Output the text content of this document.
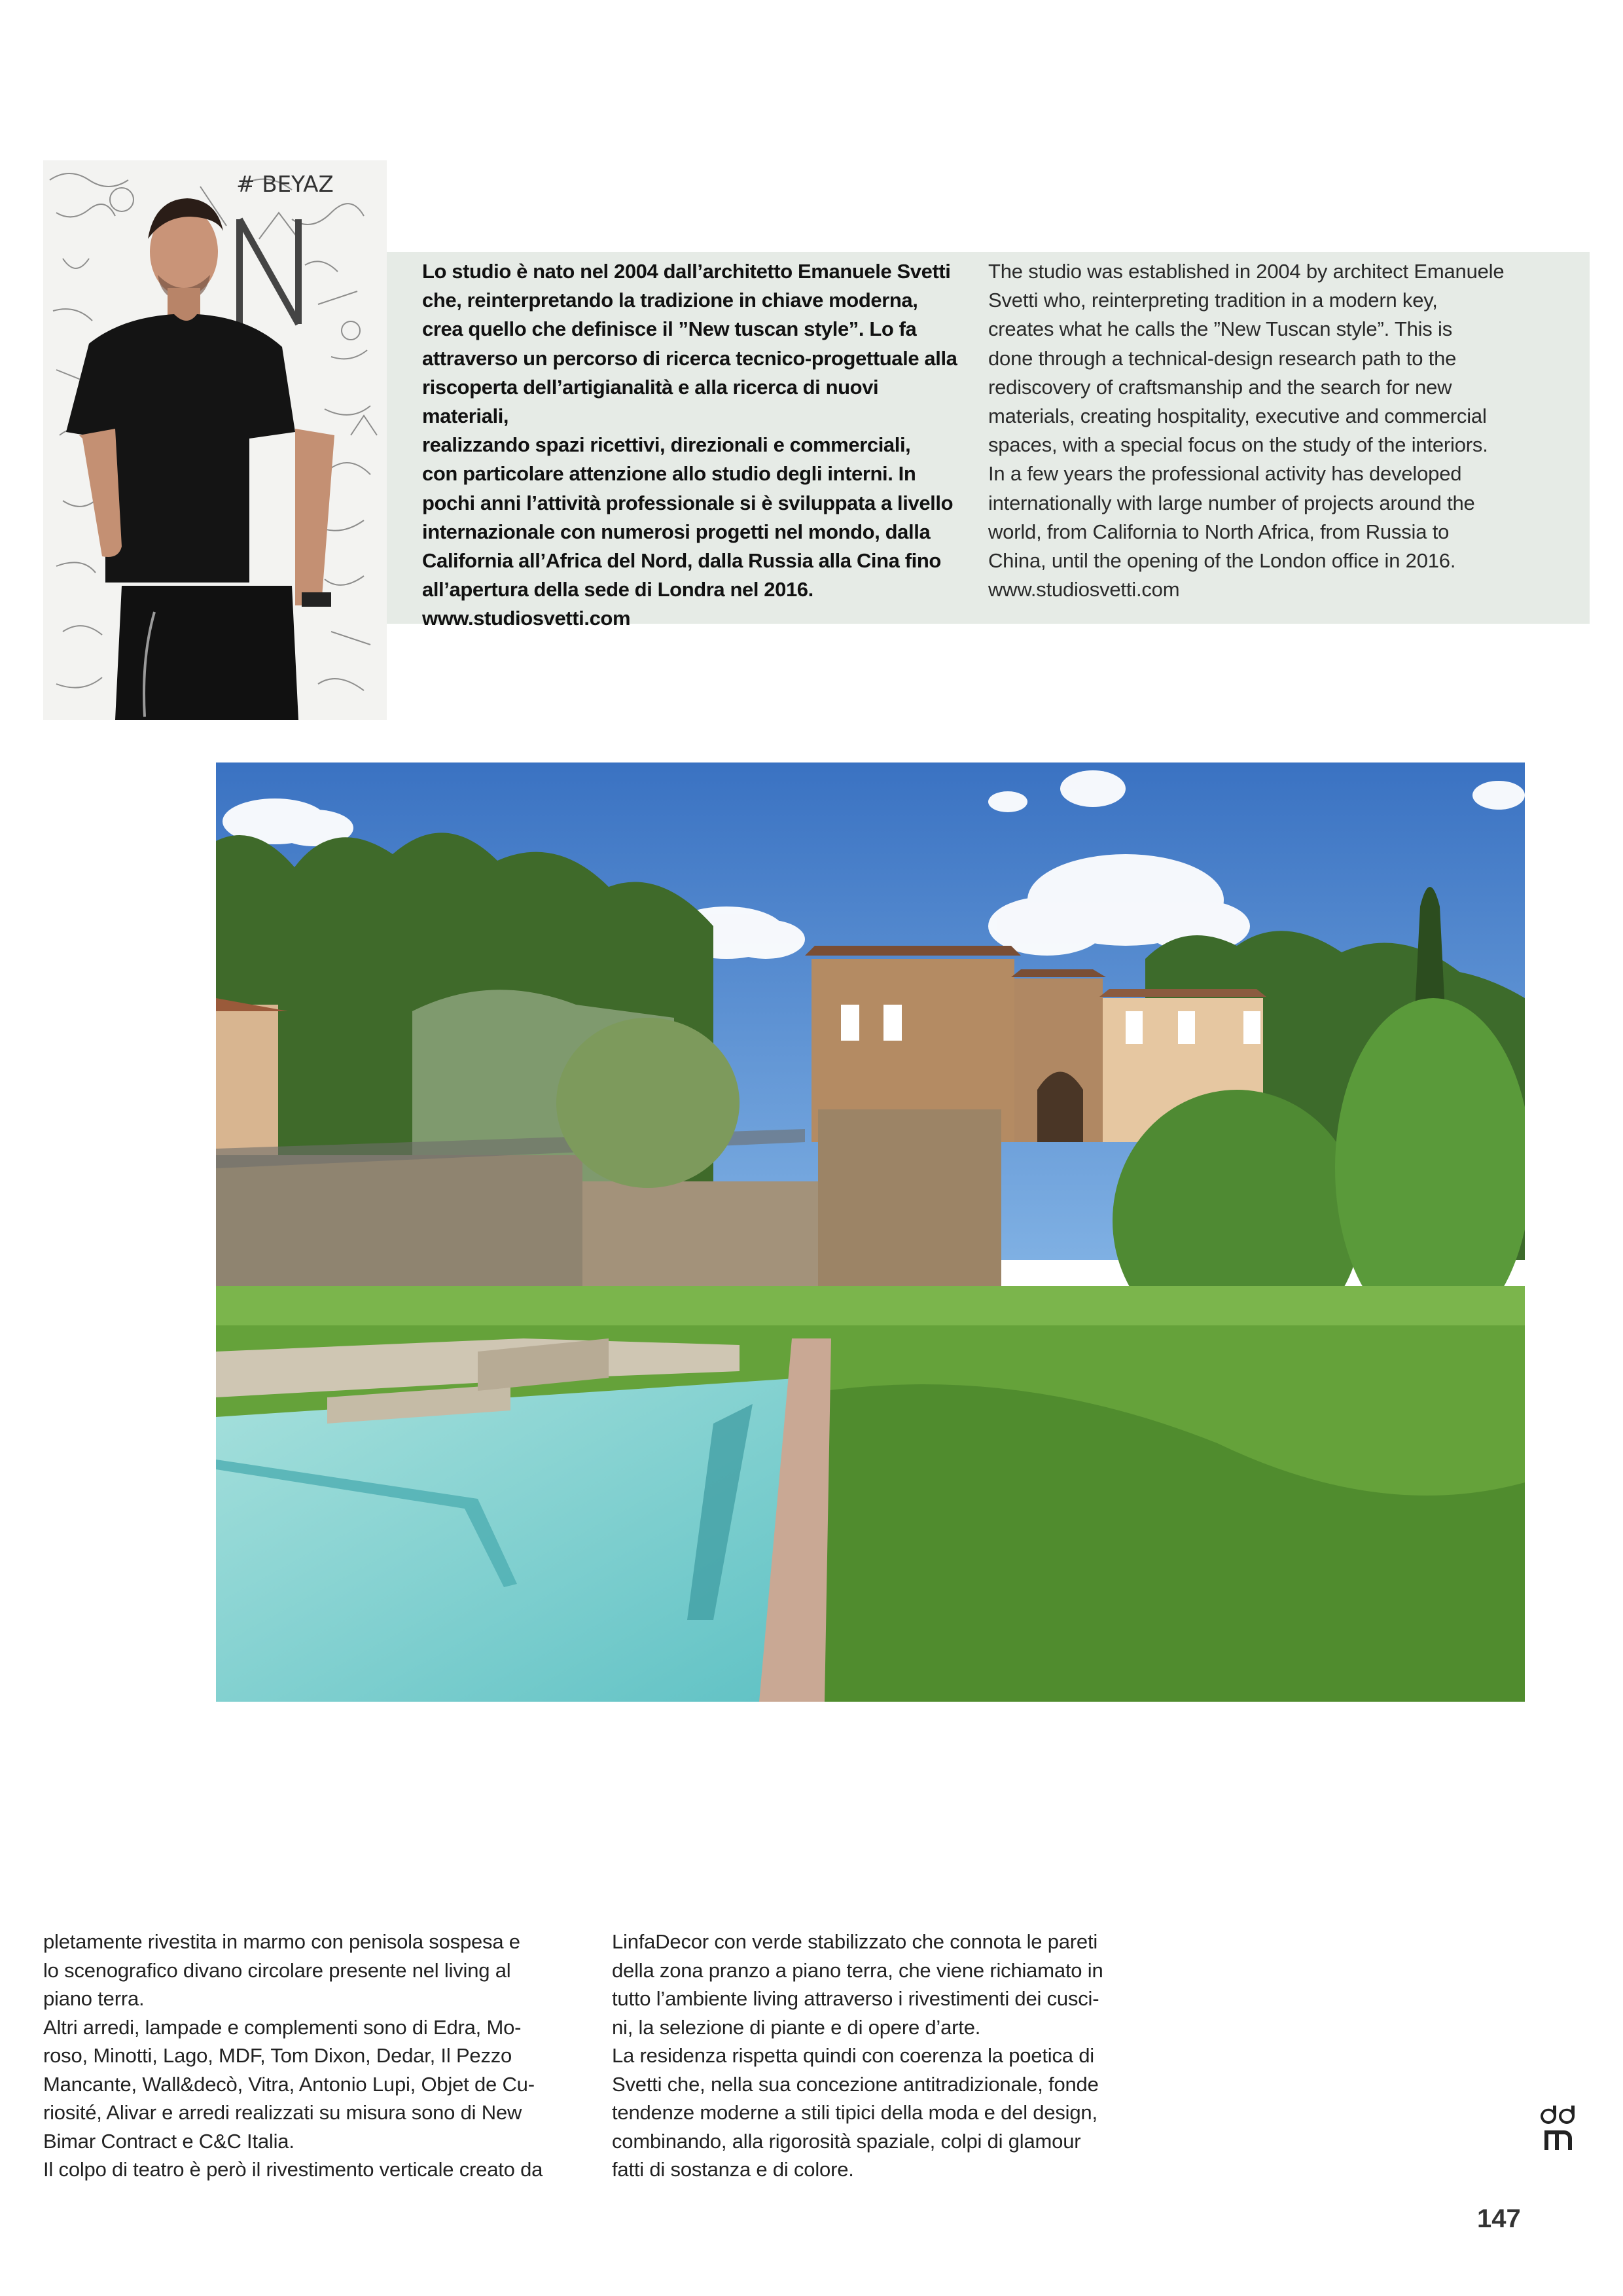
# BEYAZ

Lo studio è nato nel 2004 dall’architetto Emanuele Svetti

che, reinterpretando la tradizione in chiave moderna,

crea quello che definisce il ”New tuscan style”. Lo fa

attraverso un percorso di ricerca tecnico-progettuale alla

riscoperta dell’artigianalità e alla ricerca di nuovi materiali,

realizzando spazi ricettivi, direzionali e commerciali,

con particolare attenzione allo studio degli interni. In

pochi anni l’attività professionale si è sviluppata a livello

internazionale con numerosi progetti nel mondo, dalla

California all’Africa del Nord, dalla Russia alla Cina fino

all’apertura della sede di Londra nel 2016.

www.studiosvetti.com

The studio was established in 2004 by architect Emanuele

Svetti who, reinterpreting tradition in a modern key,

creates what he calls the ”New Tuscan style”. This is

done through a technical-design research path to the

rediscovery of craftsmanship and the search for new

materials, creating hospitality, executive and commercial

spaces, with a special focus on the study of the interiors.

In a few years the professional activity has developed

internationally with large number of projects around the

world, from California to North Africa, from Russia to

China, until the opening of the London office in 2016.

www.studiosvetti.com

pletamente rivestita in marmo con penisola sospesa e

lo scenografico divano circolare presente nel living al

piano terra.

Altri arredi, lampade e complementi sono di Edra, Mo-

roso, Minotti, Lago, MDF, Tom Dixon, Dedar, Il Pezzo

Mancante, Wall&decò, Vitra, Antonio Lupi, Objet de Cu-

riosité, Alivar e arredi realizzati su misura sono di New

Bimar Contract e C&C Italia.

Il colpo di teatro è però il rivestimento verticale creato da

LinfaDecor con verde stabilizzato che connota le pareti

della zona pranzo a piano terra, che viene richiamato in

tutto l’ambiente living attraverso i rivestimenti dei cusci-

ni, la selezione di piante e di opere d’arte.

La residenza rispetta quindi con coerenza la poetica di

Svetti che, nella sua concezione antitradizionale, fonde

tendenze moderne a stili tipici della moda e del design,

combinando, alla rigorosità spaziale, colpi di glamour

fatti di sostanza e di colore.

147
